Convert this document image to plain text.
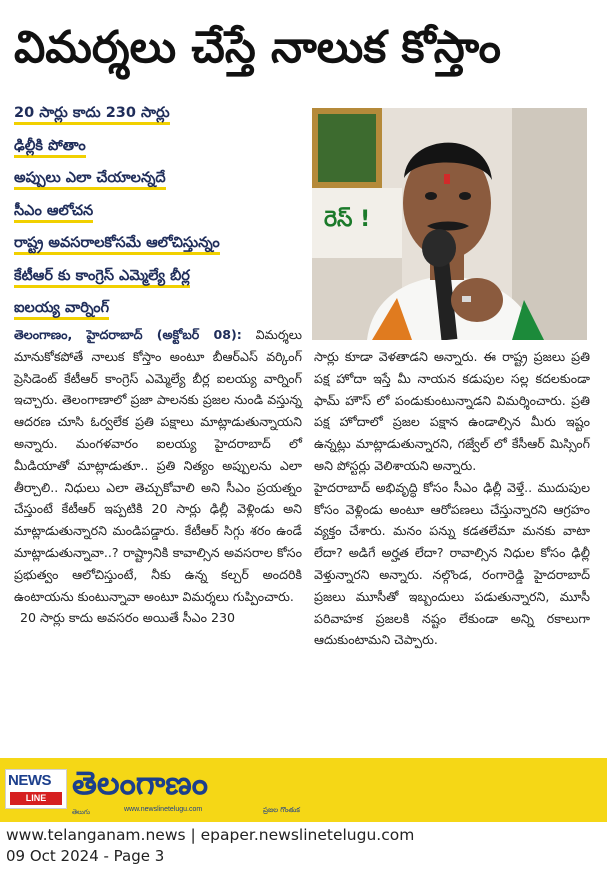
విమర్శలు చేస్తే నాలుక కోస్తాం
20 సార్లు కాదు 230 సార్లు
ఢిల్లీకి పోతాం
అప్పులు ఎలా చేయాలన్నదే
సీఎం ఆలోచన
రాష్ట్ర అవసరాలకోసమే ఆలోచిస్తున్నం
కేటీఆర్ కు కాంగ్రెస్ ఎమ్మెల్యే బీర్ల
ఐలయ్య వార్నింగ్
రెస్ !

తెలంగాణం, హైదరాబాద్ (అక్టోబర్ 08): విమర్శలు మానుకోకపోతే నాలుక కోస్తాం అంటూ బీఆర్ఎస్ వర్కింగ్ ప్రెసిడెంట్ కేటీఆర్ కాంగ్రెస్ ఎమ్మెల్యే బీర్ల ఐలయ్య వార్నింగ్ ఇచ్చారు. తెలంగాణాలో ప్రజా పాలనకు ప్రజల నుండి వస్తున్న ఆదరణ చూసి ఓర్వలేక ప్రతి పక్షాలు మాట్లాడుతున్నాయని అన్నారు. మంగళవారం ఐలయ్య హైదరాబాద్ లో మీడియాతో మాట్లాడుతూ.. ప్రతి నిత్యం అప్పులను ఎలా తీర్చాలి.. నిధులు ఎలా తెచ్చుకోవాలి అని సీఎం ప్రయత్నం చేస్తుంటే కేటీఆర్ ఇప్పటికి 20 సార్లు ఢిల్లీ వెళ్లిండు అని మాట్లాడుతున్నారని మండిపడ్డారు. కేటీఆర్ సిగ్గు శరం ఉండే మాట్లాడుతున్నావా..? రాష్ట్రానికి కావాల్సిన అవసరాల కోసం ప్రభుత్వం ఆలోచిస్తుంటే, నీకు ఉన్న కల్చర్ అందరికి ఉంటాయను కుంటున్నావా అంటూ విమర్శలు గుప్పించారు.

20 సార్లు కాదు అవసరం అయితే సీఎం 230

సార్లు కూడా వెళతాడని అన్నారు. ఈ రాష్ట్ర ప్రజలు ప్రతి పక్ష హోదా ఇస్తే మీ నాయన కడుపుల సల్ల కదలకుండా ఫామ్ హౌస్ లో పండుకుంటున్నాడని విమర్శించారు. ప్రతి పక్ష హోదాలో ప్రజల పక్షాన ఉండాల్సిన మీరు ఇష్టం ఉన్నట్లు మాట్లాడుతున్నారని, గజ్వేల్ లో కేసీఆర్ మిస్సింగ్ అని పోస్టర్లు వెలిశాయని అన్నారు.

హైదరాబాద్ అభివృద్ధి కోసం సీఎం ఢిల్లీ వెళ్తే.. ముదుపుల కోసం వెళ్లిండు అంటూ ఆరోపణలు చేస్తున్నారని ఆగ్రహం వ్యక్తం చేశారు. మనం పన్ను కడతలేమా మనకు వాటా లేదా? అడిగే అర్హత లేదా? రావాల్సిన నిధుల కోసం ఢిల్లీ వెళ్తున్నారని అన్నారు. నల్గొండ, రంగారెడ్డి హైదరాబాద్ ప్రజలు మూసీతో ఇబ్బందులు పడుతున్నారని, మూసీ పరివాహక ప్రజలకి నష్టం లేకుండా అన్ని రకాలుగా ఆదుకుంటామని చెప్పారు.

NEWS
LINE తెలంగాణం
తెలుగు	www.newslinetelugu.com	ప్రజల గొంతుక
www.telanganam.news | epaper.newslinetelugu.com
09 Oct 2024 - Page 3
